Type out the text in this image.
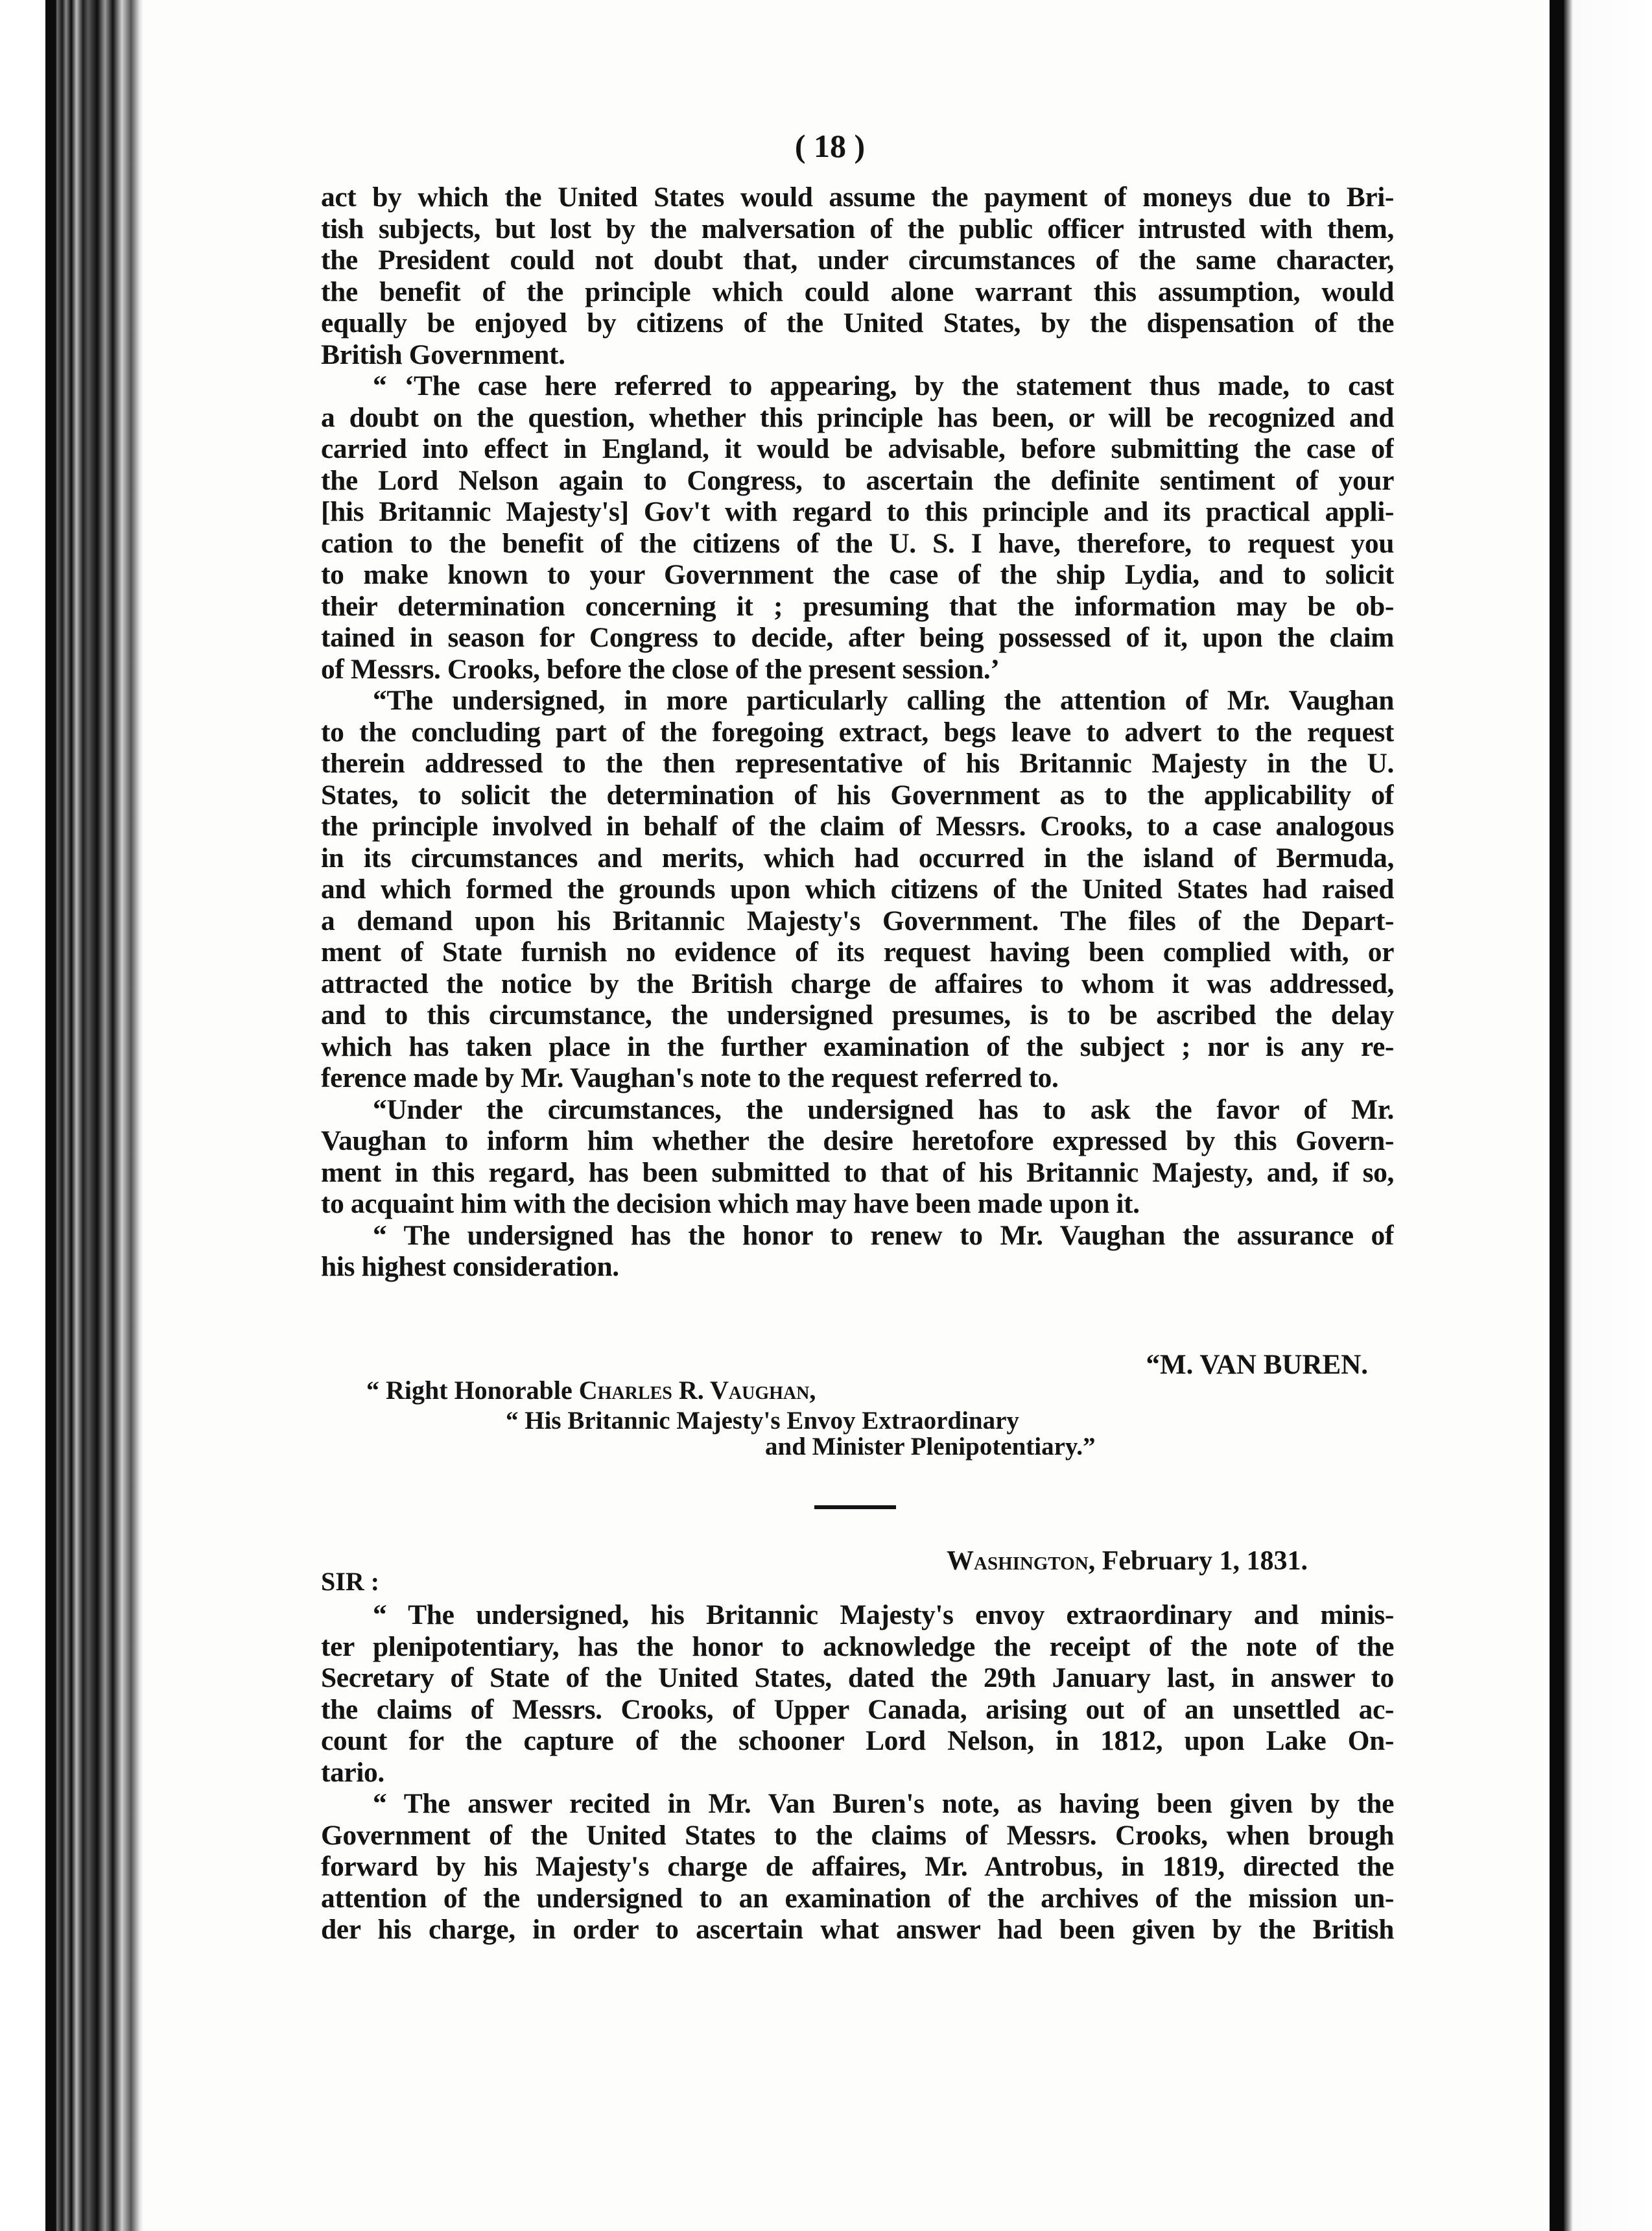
( 18 )
act by which the United States would assume the payment of moneys due to Bri-
tish subjects, but lost by the malversation of the public officer intrusted with them,
the President could not doubt that, under circumstances of the same character,
the benefit of the principle which could alone warrant this assumption, would
equally be enjoyed by citizens of the United States, by the dispensation of the
British Government.
“ ‘The case here referred to appearing, by the statement thus made, to cast
a doubt on the question, whether this principle has been, or will be recognized and
carried into effect in England, it would be advisable, before submitting the case of
the Lord Nelson again to Congress, to ascertain the definite sentiment of your
[his Britannic Majesty's] Gov't with regard to this principle and its practical appli-
cation to the benefit of the citizens of the U. S. I have, therefore, to request you
to make known to your Government the case of the ship Lydia, and to solicit
their determination concerning it ; presuming that the information may be ob-
tained in season for Congress to decide, after being possessed of it, upon the claim
of Messrs. Crooks, before the close of the present session.’
“The undersigned, in more particularly calling the attention of Mr. Vaughan
to the concluding part of the foregoing extract, begs leave to advert to the request
therein addressed to the then representative of his Britannic Majesty in the U.
States, to solicit the determination of his Government as to the applicability of
the principle involved in behalf of the claim of Messrs. Crooks, to a case analogous
in its circumstances and merits, which had occurred in the island of Bermuda,
and which formed the grounds upon which citizens of the United States had raised
a demand upon his Britannic Majesty's Government. The files of the Depart-
ment of State furnish no evidence of its request having been complied with, or
attracted the notice by the British charge de affaires to whom it was addressed,
and to this circumstance, the undersigned presumes, is to be ascribed the delay
which has taken place in the further examination of the subject ; nor is any re-
ference made by Mr. Vaughan's note to the request referred to.
“Under the circumstances, the undersigned has to ask the favor of Mr.
Vaughan to inform him whether the desire heretofore expressed by this Govern-
ment in this regard, has been submitted to that of his Britannic Majesty, and, if so,
to acquaint him with the decision which may have been made upon it.
“ The undersigned has the honor to renew to Mr. Vaughan the assurance of
his highest consideration.
“M. VAN BUREN.
“ Right Honorable Charles R. Vaughan,
“ His Britannic Majesty's Envoy Extraordinary
and Minister Plenipotentiary.”
Washington, February 1, 1831.
SIR :
“ The undersigned, his Britannic Majesty's envoy extraordinary and minis-
ter plenipotentiary, has the honor to acknowledge the receipt of the note of the
Secretary of State of the United States, dated the 29th January last, in answer to
the claims of Messrs. Crooks, of Upper Canada, arising out of an unsettled ac-
count for the capture of the schooner Lord Nelson, in 1812, upon Lake On-
tario.
“ The answer recited in Mr. Van Buren's note, as having been given by the
Government of the United States to the claims of Messrs. Crooks, when brough
forward by his Majesty's charge de affaires, Mr. Antrobus, in 1819, directed the
attention of the undersigned to an examination of the archives of the mission un-
der his charge, in order to ascertain what answer had been given by the British
